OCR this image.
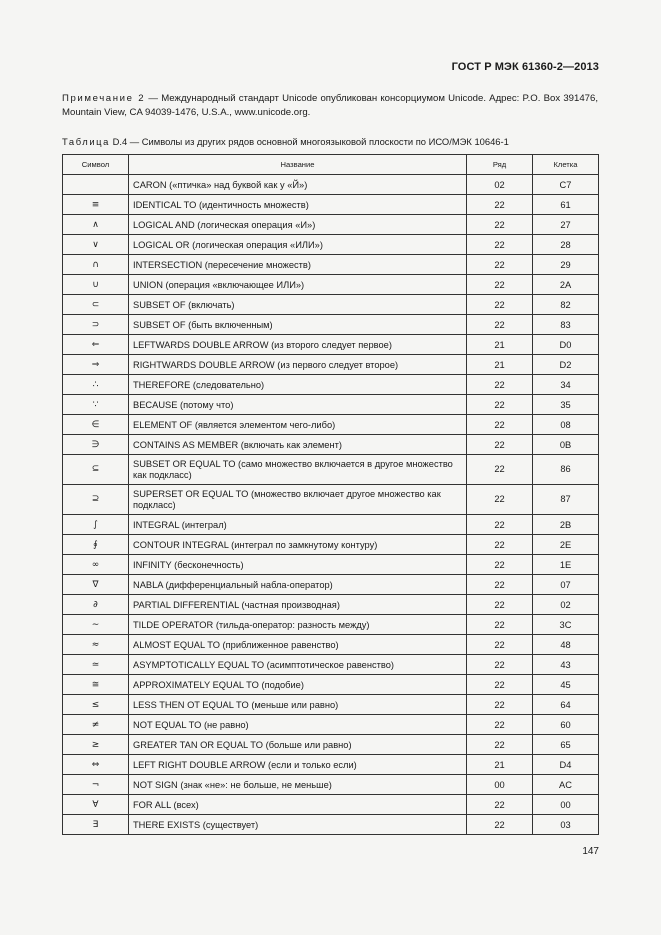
ГОСТ Р МЭК 61360-2—2013
Примечание 2 — Международный стандарт Unicode опубликован консорциумом Unicode. Адрес: P.O. Box 391476, Mountain View, CA 94039-1476, U.S.A., www.unicode.org.
Таблица D.4 — Символы из других рядов основной многоязыковой плоскости по ИСО/МЭК 10646-1
Символ	Название	Ряд	Клетка
	CARON («птичка» над буквой как у «Й»)	02	C7
≡	IDENTICAL TO (идентичность множеств)	22	61
∧	LOGICAL AND (логическая операция «И»)	22	27
∨	LOGICAL OR (логическая операция «ИЛИ»)	22	28
∩	INTERSECTION (пересечение множеств)	22	29
∪	UNION (операция «включающее ИЛИ»)	22	2A
⊂	SUBSET OF (включать)	22	82
⊃	SUBSET OF (быть включенным)	22	83
⇐	LEFTWARDS DOUBLE ARROW (из второго следует первое)	21	D0
⇒	RIGHTWARDS DOUBLE ARROW (из первого следует второе)	21	D2
∴	THEREFORE (следовательно)	22	34
∵	BECAUSE (потому что)	22	35
∈	ELEMENT OF (является элементом чего-либо)	22	08
∋	CONTAINS AS MEMBER (включать как элемент)	22	0B
⊆	SUBSET OR EQUAL TO (само множество включается в другое множество как подкласс)	22	86
⊇	SUPERSET OR EQUAL TO (множество включает другое множество как подкласс)	22	87
∫	INTEGRAL (интеграл)	22	2B
∮	CONTOUR INTEGRAL (интеграл по замкнутому контуру)	22	2E
∞	INFINITY (бесконечность)	22	1E
∇	NABLA (дифференциальный набла-оператор)	22	07
∂	PARTIAL DIFFERENTIAL (частная производная)	22	02
∼	TILDE OPERATOR (тильда-оператор: разность между)	22	3C
≈	ALMOST EQUAL TO (приближенное равенство)	22	48
≃	ASYMPTOTICALLY EQUAL TO (асимптотическое равенство)	22	43
≅	APPROXIMATELY EQUAL TO (подобие)	22	45
≤	LESS THEN OT EQUAL TO (меньше или равно)	22	64
≠	NOT EQUAL TO (не равно)	22	60
≥	GREATER TAN OR EQUAL TO (больше или равно)	22	65
⇔	LEFT RIGHT DOUBLE ARROW (если и только если)	21	D4
¬	NOT SIGN (знак «не»: не больше, не меньше)	00	AC
∀	FOR ALL (всех)	22	00
∃	THERE EXISTS (существует)	22	03
147
